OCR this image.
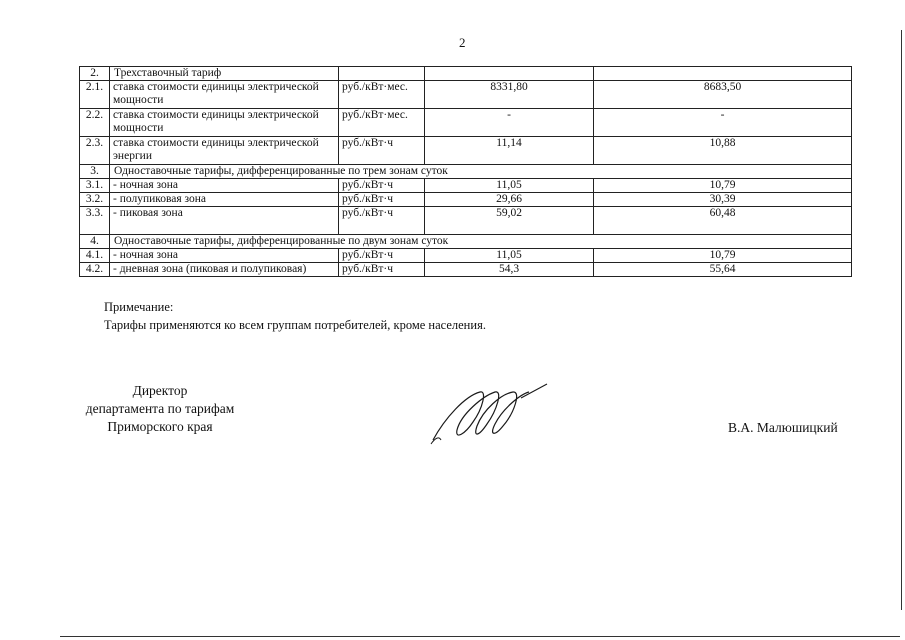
2
2.	Трехставочный тариф			
2.1.	ставка стоимости единицы электрической мощности	руб./кВт·мес.	8331,80	8683,50
2.2.	ставка стоимости единицы электрической мощности	руб./кВт·мес.	-	-
2.3.	ставка стоимости единицы электрической энергии	руб./кВт·ч	11,14	10,88
3.	Одноставочные тарифы, дифференцированные по трем зонам суток			
3.1.	- ночная зона	руб./кВт·ч	11,05	10,79
3.2.	- полупиковая зона	руб./кВт·ч	29,66	30,39
3.3.	- пиковая зона	руб./кВт·ч	59,02	60,48
4.	Одноставочные тарифы, дифференцированные по двум зонам суток			
4.1.	- ночная зона	руб./кВт·ч	11,05	10,79
4.2.	- дневная зона (пиковая и полупиковая)	руб./кВт·ч	54,3	55,64
Примечание:
Тарифы применяются ко всем группам потребителей, кроме населения.
Директор
департамента по тарифам
Приморского края	В.А. Малюшицкий
